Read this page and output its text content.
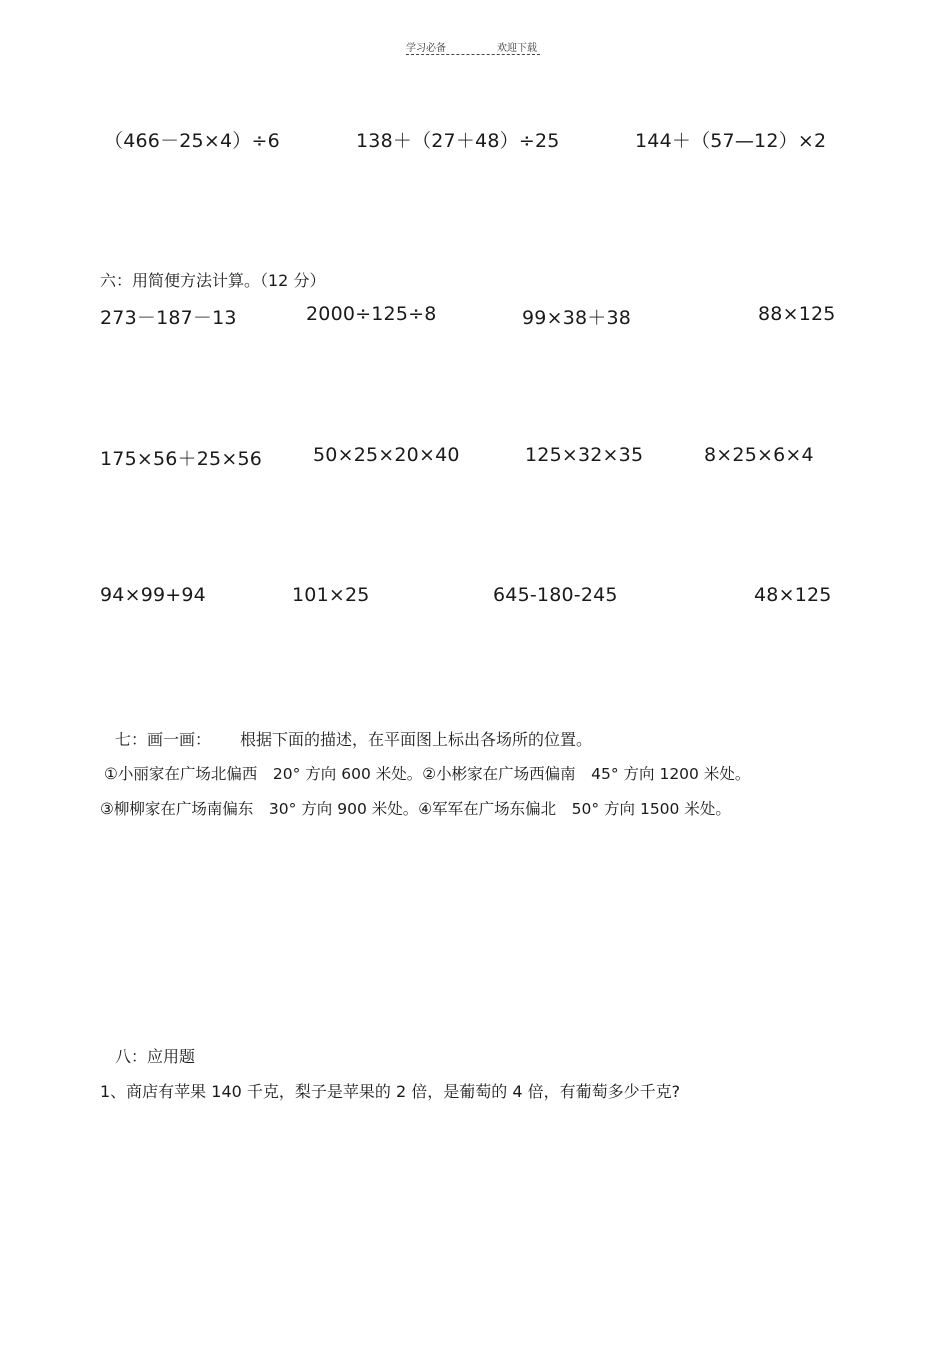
学习必备	欢迎下载
（466－25×4）÷6	138＋（27＋48）÷25	144＋（57—12）×2
六：用简便方法计算。（12 分）
273－187－13	2000÷125÷8	99×38＋38	88×125
175×56＋25×56	50×25×20×40	125×32×35	8×25×6×4
94×99+94	101×25	645-180-245	48×125
七：画一画： 根据下面的描述，在平面图上标出各场所的位置。
①小丽家在广场北偏西　20° 方向 600 米处。②小彬家在广场西偏南　45° 方向 1200 米处。
③柳柳家在广场南偏东　30° 方向 900 米处。④军军在广场东偏北　50° 方向 1500 米处。
八：应用题
1、商店有苹果 140 千克，梨子是苹果的 2 倍，是葡萄的 4 倍，有葡萄多少千克?
